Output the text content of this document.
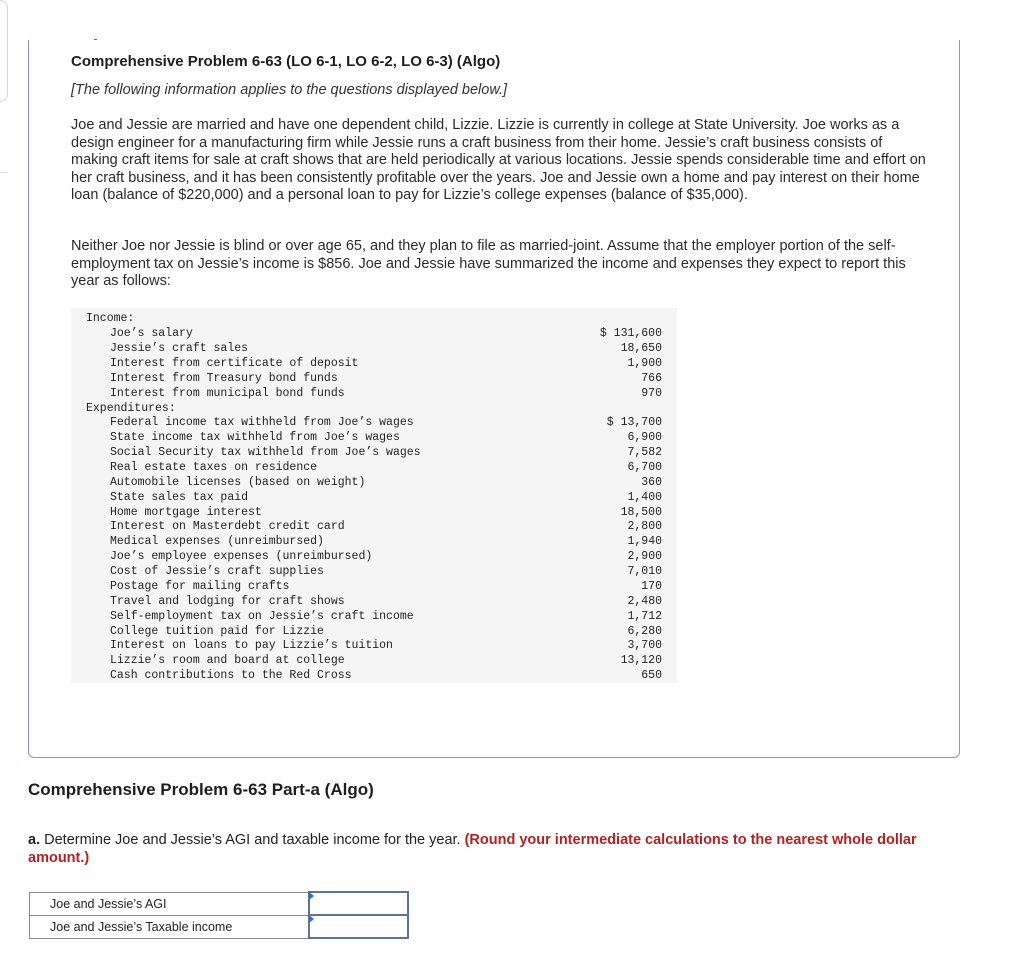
Comprehensive Problem 6-63 (LO 6-1, LO 6-2, LO 6-3) (Algo)
[The following information applies to the questions displayed below.]

Joe and Jessie are married and have one dependent child, Lizzie. Lizzie is currently in college at State University. Joe works as a design engineer for a manufacturing firm while Jessie runs a craft business from their home. Jessie’s craft business consists of making craft items for sale at craft shows that are held periodically at various locations. Jessie spends considerable time and effort on her craft business, and it has been consistently profitable over the years. Joe and Jessie own a home and pay interest on their home loan (balance of $220,000) and a personal loan to pay for Lizzie’s college expenses (balance of $35,000).

Neither Joe nor Jessie is blind or over age 65, and they plan to file as married-joint. Assume that the employer portion of the self-employment tax on Jessie’s income is $856. Joe and Jessie have summarized the income and expenses they expect to report this year as follows:

Income:
Joe’s salary	$ 131,600
Jessie’s craft sales	18,650
Interest from certificate of deposit	1,900
Interest from Treasury bond funds	766
Interest from municipal bond funds	970
Expenditures:
Federal income tax withheld from Joe’s wages	$ 13,700
State income tax withheld from Joe’s wages	6,900
Social Security tax withheld from Joe’s wages	7,582
Real estate taxes on residence	6,700
Automobile licenses (based on weight)	360
State sales tax paid	1,400
Home mortgage interest	18,500
Interest on Masterdebt credit card	2,800
Medical expenses (unreimbursed)	1,940
Joe’s employee expenses (unreimbursed)	2,900
Cost of Jessie’s craft supplies	7,010
Postage for mailing crafts	170
Travel and lodging for craft shows	2,480
Self-employment tax on Jessie’s craft income	1,712
College tuition paid for Lizzie	6,280
Interest on loans to pay Lizzie’s tuition	3,700
Lizzie’s room and board at college	13,120
Cash contributions to the Red Cross	650
Comprehensive Problem 6-63 Part-a (Algo)

a. Determine Joe and Jessie’s AGI and taxable income for the year. (Round your intermediate calculations to the nearest whole dollar amount.)

Joe and Jessie’s AGI	
Joe and Jessie’s Taxable income	
